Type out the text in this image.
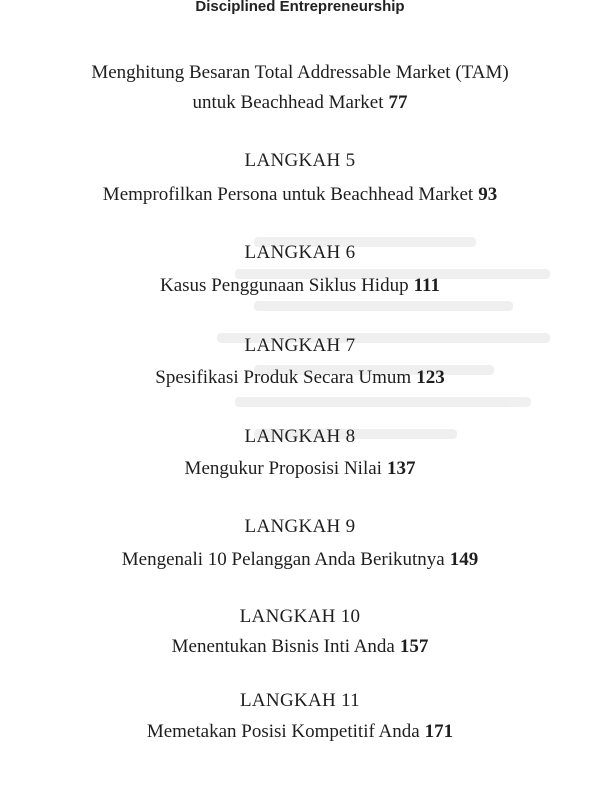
Disciplined Entrepreneurship
Menghitung Besaran Total Addressable Market (TAM)
untuk Beachhead Market 77
LANGKAH 5
Memprofilkan Persona untuk Beachhead Market 93
LANGKAH 6
Kasus Penggunaan Siklus Hidup 111
LANGKAH 7
Spesifikasi Produk Secara Umum 123
LANGKAH 8
Mengukur Proposisi Nilai 137
LANGKAH 9
Mengenali 10 Pelanggan Anda Berikutnya 149
LANGKAH 10
Menentukan Bisnis Inti Anda 157
LANGKAH 11
Memetakan Posisi Kompetitif Anda 171
